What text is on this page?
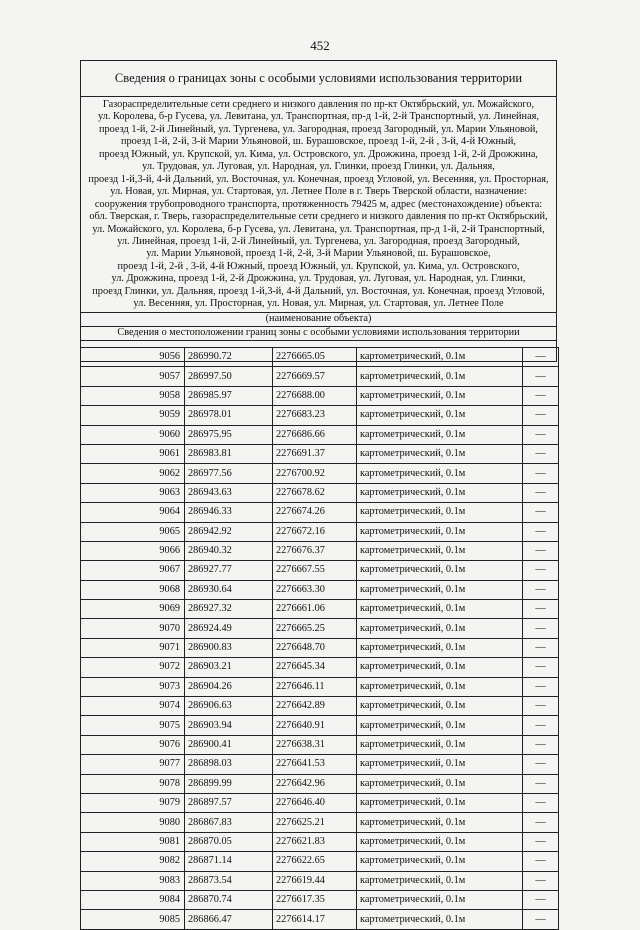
452
Сведения о границах зоны с особыми условиями использования территории

Газораспределительные сети среднего и низкого давления по пр-кт Октябрьский, ул. Можайского,
ул. Королева, б-р Гусева, ул. Левитана, ул. Транспортная, пр-д 1-й, 2-й Транспортный, ул. Линейная,
проезд 1-й, 2-й Линейный, ул. Тургенева, ул. Загородная, проезд Загородный, ул. Марии Ульяновой,
проезд 1-й, 2-й, 3-й Марии Ульяновой, ш. Бурашовское, проезд 1-й, 2-й , 3-й, 4-й Южный,
проезд Южный, ул. Крупской, ул. Кима, ул. Островского, ул. Дрожжина, проезд 1-й, 2-й Дрожжина,
ул. Трудовая, ул. Луговая, ул. Народная, ул. Глинки, проезд Глинки, ул. Дальняя,
проезд 1-й,3-й, 4-й Дальний, ул. Восточная, ул. Конечная, проезд Угловой, ул. Весенняя, ул. Просторная,
ул. Новая, ул. Мирная, ул. Стартовая, ул. Летнее Поле в г. Тверь Тверской области, назначение:
сооружения трубопроводного транспорта, протяженность 79425 м, адрес (местонахождение) объекта:
обл. Тверская, г. Тверь, газораспределительные сети среднего и низкого давления по пр-кт Октябрьский,
ул. Можайского, ул. Королева, б-р Гусева, ул. Левитана, ул. Транспортная, пр-д 1-й, 2-й Транспортный,
ул. Линейная, проезд 1-й, 2-й Линейный, ул. Тургенева, ул. Загородная, проезд Загородный,
ул. Марии Ульяновой, проезд 1-й, 2-й, 3-й Марии Ульяновой, ш. Бурашовское,
проезд 1-й, 2-й , 3-й, 4-й Южный, проезд Южный, ул. Крупской, ул. Кима, ул. Островского,
ул. Дрожжина, проезд 1-й, 2-й Дрожжина, ул. Трудовая, ул. Луговая, ул. Народная, ул. Глинки,
проезд Глинки, ул. Дальняя, проезд 1-й,3-й, 4-й Дальний, ул. Восточная, ул. Конечная, проезд Угловой,
ул. Весенняя, ул. Просторная, ул. Новая, ул. Мирная, ул. Стартовая, ул. Летнее Поле

(наименование объекта)
Сведения о местоположении границ зоны с особыми условиями использования территории

9056	286990.72	2276665.05	картометрический, 0.1м	—
9057	286997.50	2276669.57	картометрический, 0.1м	—
9058	286985.97	2276688.00	картометрический, 0.1м	—
9059	286978.01	2276683.23	картометрический, 0.1м	—
9060	286975.95	2276686.66	картометрический, 0.1м	—
9061	286983.81	2276691.37	картометрический, 0.1м	—
9062	286977.56	2276700.92	картометрический, 0.1м	—
9063	286943.63	2276678.62	картометрический, 0.1м	—
9064	286946.33	2276674.26	картометрический, 0.1м	—
9065	286942.92	2276672.16	картометрический, 0.1м	—
9066	286940.32	2276676.37	картометрический, 0.1м	—
9067	286927.77	2276667.55	картометрический, 0.1м	—
9068	286930.64	2276663.30	картометрический, 0.1м	—
9069	286927.32	2276661.06	картометрический, 0.1м	—
9070	286924.49	2276665.25	картометрический, 0.1м	—
9071	286900.83	2276648.70	картометрический, 0.1м	—
9072	286903.21	2276645.34	картометрический, 0.1м	—
9073	286904.26	2276646.11	картометрический, 0.1м	—
9074	286906.63	2276642.89	картометрический, 0.1м	—
9075	286903.94	2276640.91	картометрический, 0.1м	—
9076	286900.41	2276638.31	картометрический, 0.1м	—
9077	286898.03	2276641.53	картометрический, 0.1м	—
9078	286899.99	2276642.96	картометрический, 0.1м	—
9079	286897.57	2276646.40	картометрический, 0.1м	—
9080	286867.83	2276625.21	картометрический, 0.1м	—
9081	286870.05	2276621.83	картометрический, 0.1м	—
9082	286871.14	2276622.65	картометрический, 0.1м	—
9083	286873.54	2276619.44	картометрический, 0.1м	—
9084	286870.74	2276617.35	картометрический, 0.1м	—
9085	286866.47	2276614.17	картометрический, 0.1м	—
